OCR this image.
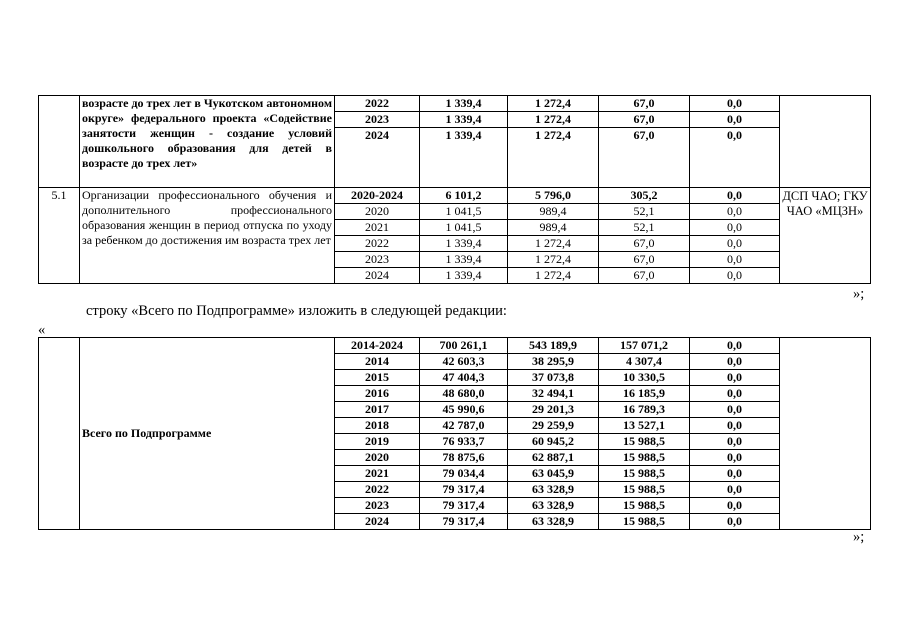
	возрасте до трех лет в Чукотском автономном округе» федерального проекта «Содействие занятости женщин - создание условий дошкольного образования для детей в возрасте до трех лет»	2022	1 339,4	1 272,4	67,0	0,0	
		2023	1 339,4	1 272,4	67,0	0,0	
		2024	1 339,4	1 272,4	67,0	0,0	
5.1	Организации профессионального обучения и дополнительного профессионального образования женщин в период отпуска по уходу за ребенком до достижения им возраста трех лет	2020-2024	6 101,2	5 796,0	305,2	0,0	ДСП ЧАО; ГКУ ЧАО «МЦЗН»
		2020	1 041,5	989,4	52,1	0,0	
		2021	1 041,5	989,4	52,1	0,0	
		2022	1 339,4	1 272,4	67,0	0,0	
		2023	1 339,4	1 272,4	67,0	0,0	
		2024	1 339,4	1 272,4	67,0	0,0	
»;
строку «Всего по Подпрограмме» изложить в следующей редакции:
«
	Всего по Подпрограмме	2014-2024	700 261,1	543 189,9	157 071,2	0,0	
		2014	42 603,3	38 295,9	4 307,4	0,0	
		2015	47 404,3	37 073,8	10 330,5	0,0	
		2016	48 680,0	32 494,1	16 185,9	0,0	
		2017	45 990,6	29 201,3	16 789,3	0,0	
		2018	42 787,0	29 259,9	13 527,1	0,0	
		2019	76 933,7	60 945,2	15 988,5	0,0	
		2020	78 875,6	62 887,1	15 988,5	0,0	
		2021	79 034,4	63 045,9	15 988,5	0,0	
		2022	79 317,4	63 328,9	15 988,5	0,0	
		2023	79 317,4	63 328,9	15 988,5	0,0	
		2024	79 317,4	63 328,9	15 988,5	0,0	
»;
